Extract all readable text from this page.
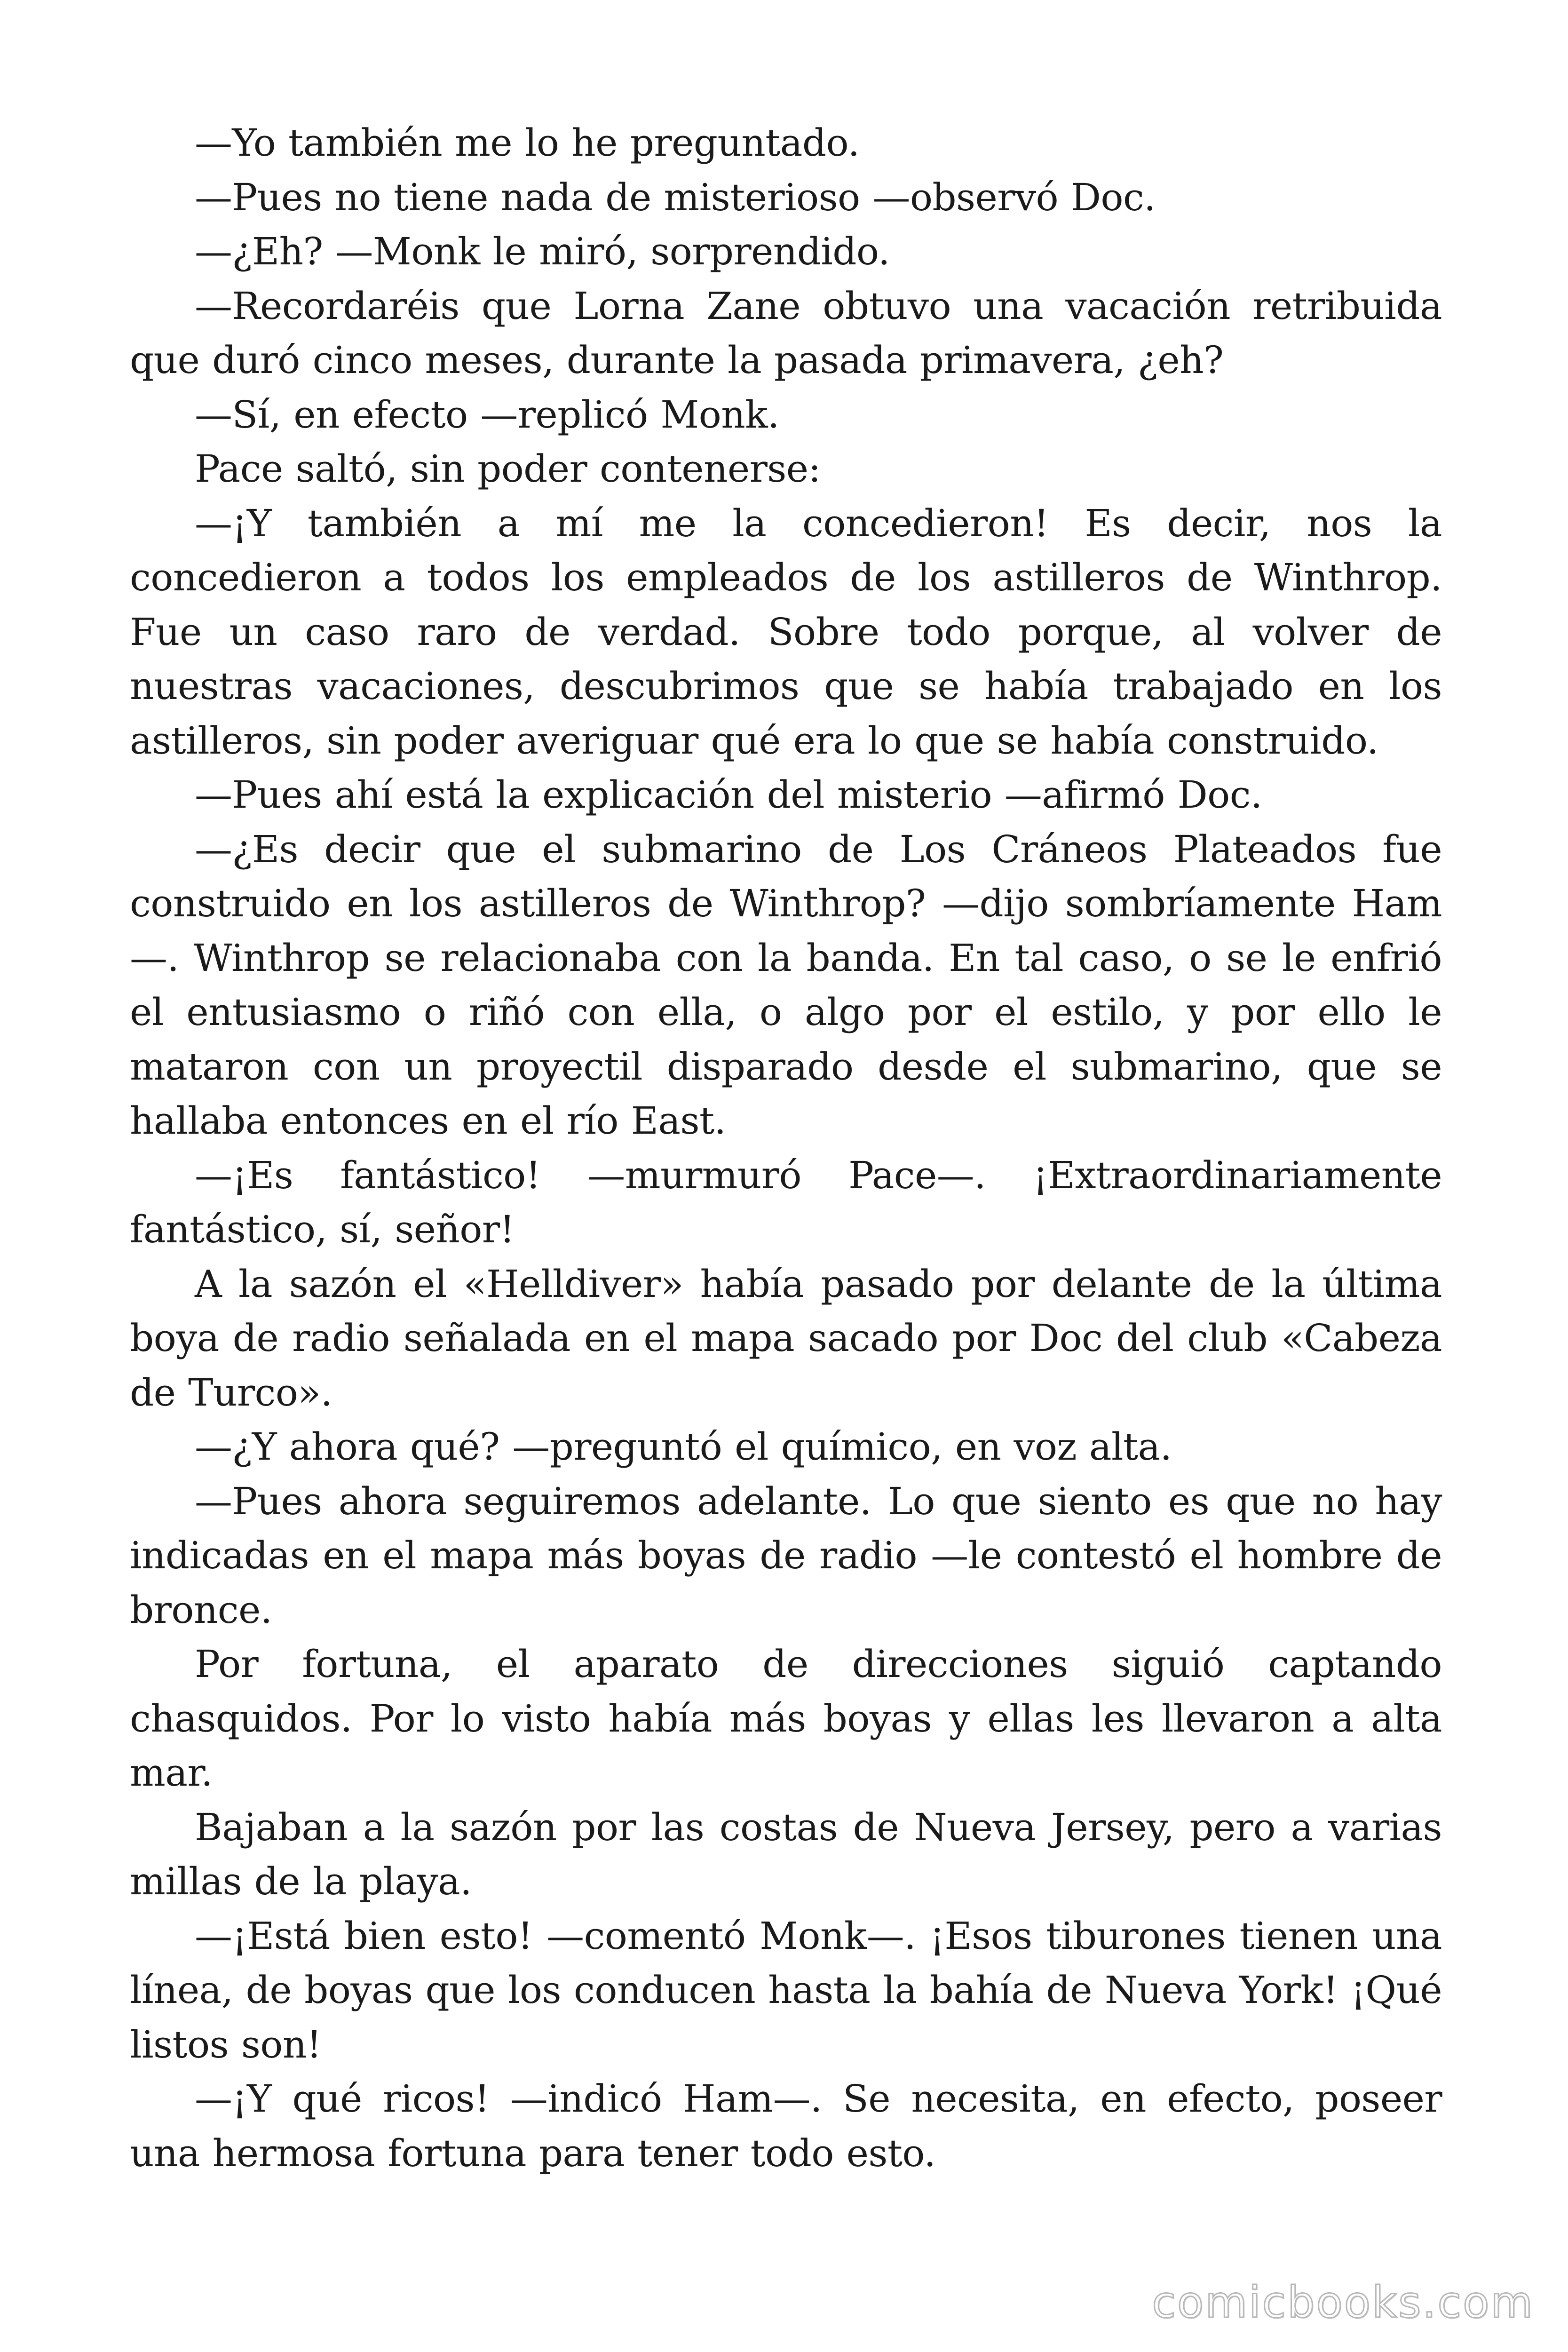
—Yo también me lo he preguntado.

—Pues no tiene nada de misterioso —observó Doc.

—¿Eh? —Monk le miró, sorprendido.

—Recordaréis que Lorna Zane obtuvo una vacación retribuida que duró cinco meses, durante la pasada primavera, ¿eh?

—Sí, en efecto —replicó Monk.

Pace saltó, sin poder contenerse:

—¡Y también a mí me la concedieron! Es decir, nos la concedieron a todos los empleados de los astilleros de Winthrop. Fue un caso raro de verdad. Sobre todo porque, al volver de nuestras vacaciones, descubrimos que se había trabajado en los astilleros, sin poder averiguar qué era lo que se había construido.

—Pues ahí está la explicación del misterio —afirmó Doc.

—¿Es decir que el submarino de Los Cráneos Plateados fue construido en los astilleros de Winthrop? —dijo sombríamente Ham —. Winthrop se relacionaba con la banda. En tal caso, o se le enfrió el entusiasmo o riñó con ella, o algo por el estilo, y por ello le mataron con un proyectil disparado desde el submarino, que se hallaba entonces en el río East.

—¡Es fantástico! —murmuró Pace—. ¡Extraordinariamente fantástico, sí, señor!

A la sazón el «Helldiver» había pasado por delante de la última boya de radio señalada en el mapa sacado por Doc del club «Cabeza de Turco».

—¿Y ahora qué? —preguntó el químico, en voz alta.

—Pues ahora seguiremos adelante. Lo que siento es que no hay indicadas en el mapa más boyas de radio —le contestó el hombre de bronce.

Por fortuna, el aparato de direcciones siguió captando chasquidos. Por lo visto había más boyas y ellas les llevaron a alta mar.

Bajaban a la sazón por las costas de Nueva Jersey, pero a varias millas de la playa.

—¡Está bien esto! —comentó Monk—. ¡Esos tiburones tienen una línea, de boyas que los conducen hasta la bahía de Nueva York! ¡Qué listos son!

—¡Y qué ricos! —indicó Ham—. Se necesita, en efecto, poseer una hermosa fortuna para tener todo esto.

comicbooks.com
